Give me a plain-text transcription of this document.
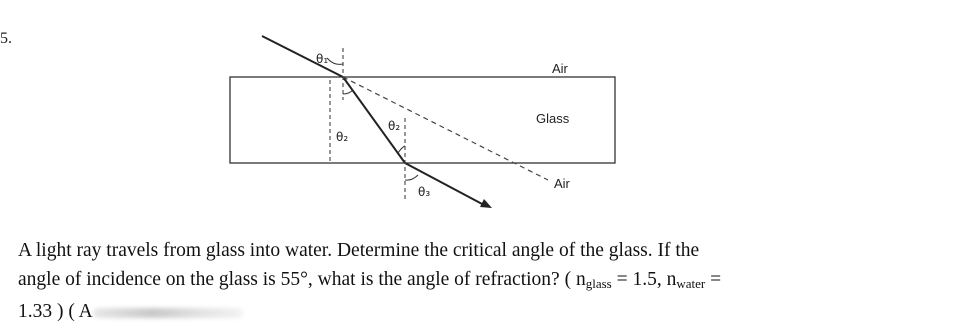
5.
θ₁
θ₂
θ₂
θ₃
Air
Glass
Air
A light ray travels from glass into water. Determine the critical angle of the glass. If the
angle of incidence on the glass is 55°, what is the angle of refraction? ( $n_{glass} = 1.5$, $n_{water}$ =
1.33 ) ( A
